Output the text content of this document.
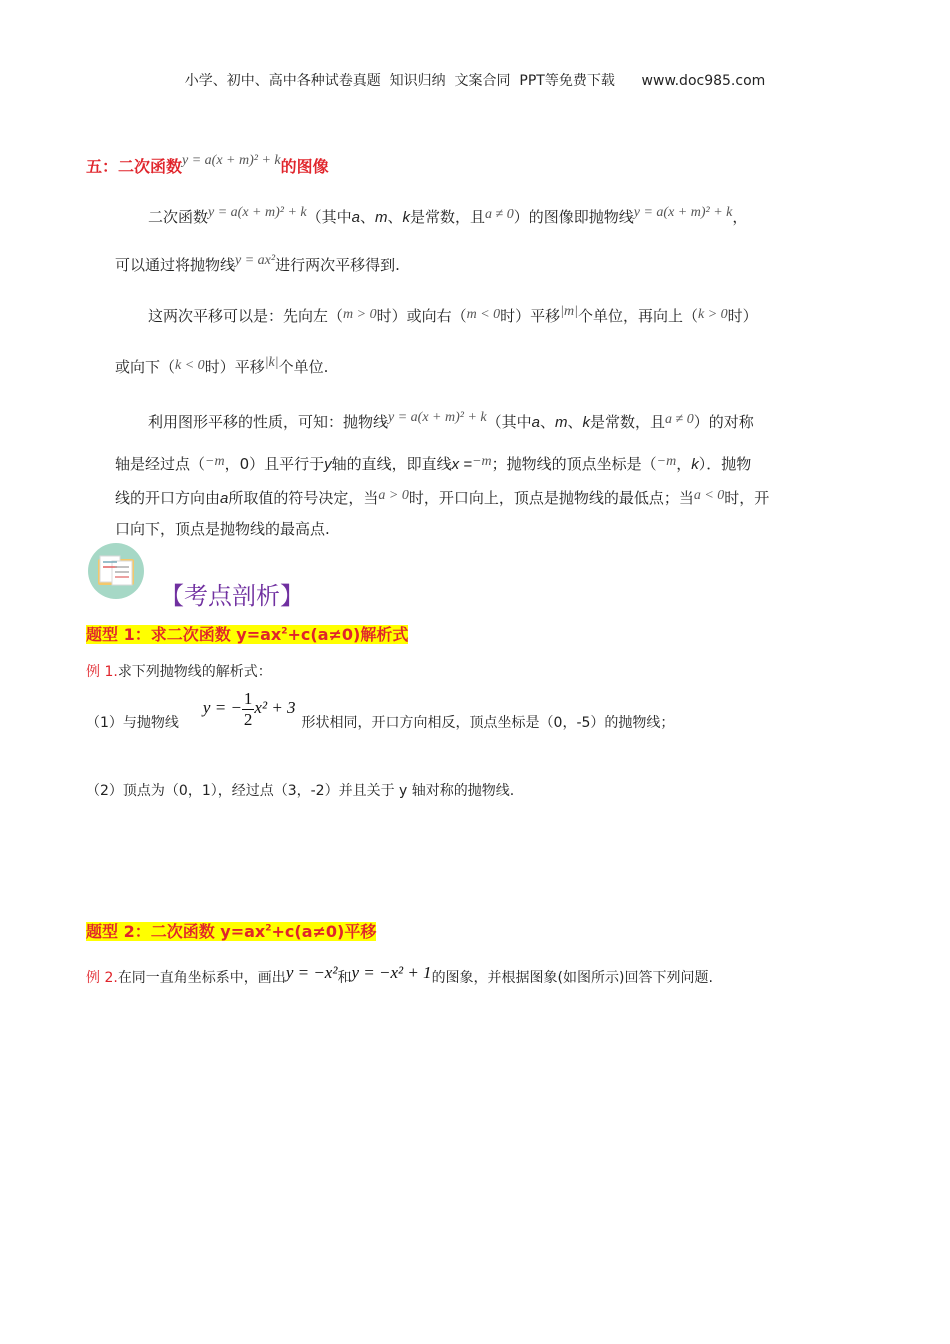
小学、初中、高中各种试卷真题  知识归纳  文案合同  PPT等免费下载      www.doc985.com
五：二次函数y = a(x + m)² + k的图像
二次函数y = a(x + m)² + k（其中a、m、k是常数，且a ≠ 0）的图像即抛物线y = a(x + m)² + k，
可以通过将抛物线y = ax²进行两次平移得到.
这两次平移可以是：先向左（m > 0时）或向右（m < 0时）平移|m|个单位，再向上（k > 0时）
或向下（k < 0时）平移|k|个单位.
利用图形平移的性质，可知：抛物线y = a(x + m)² + k（其中a、m、k是常数，且a ≠ 0）的对称
轴是经过点（−m，0）且平行于y轴的直线，即直线x =−m；抛物线的顶点坐标是（−m，k）．抛物
线的开口方向由a所取值的符号决定，当a > 0时，开口向上，顶点是抛物线的最低点；当a < 0时，开
口向下，顶点是抛物线的最高点.
【考点剖析】
题型 1：求二次函数 $y=ax^2+c(a\ne 0)$解析式
例 1.求下列抛物线的解析式：
（1）与抛物线y = − $\frac{1}{2} x^2 + 3$形状相同，开口方向相反，顶点坐标是（0，-5）的抛物线；
（2）顶点为（0，1），经过点（3，-2）并且关于 y 轴对称的抛物线.
题型 2：二次函数 $y=ax^2+c(a\ne 0)$平移
例 2.在同一直角坐标系中，画出y = −x²和y = −x² + 1的图象，并根据图象(如图所示)回答下列问题.
